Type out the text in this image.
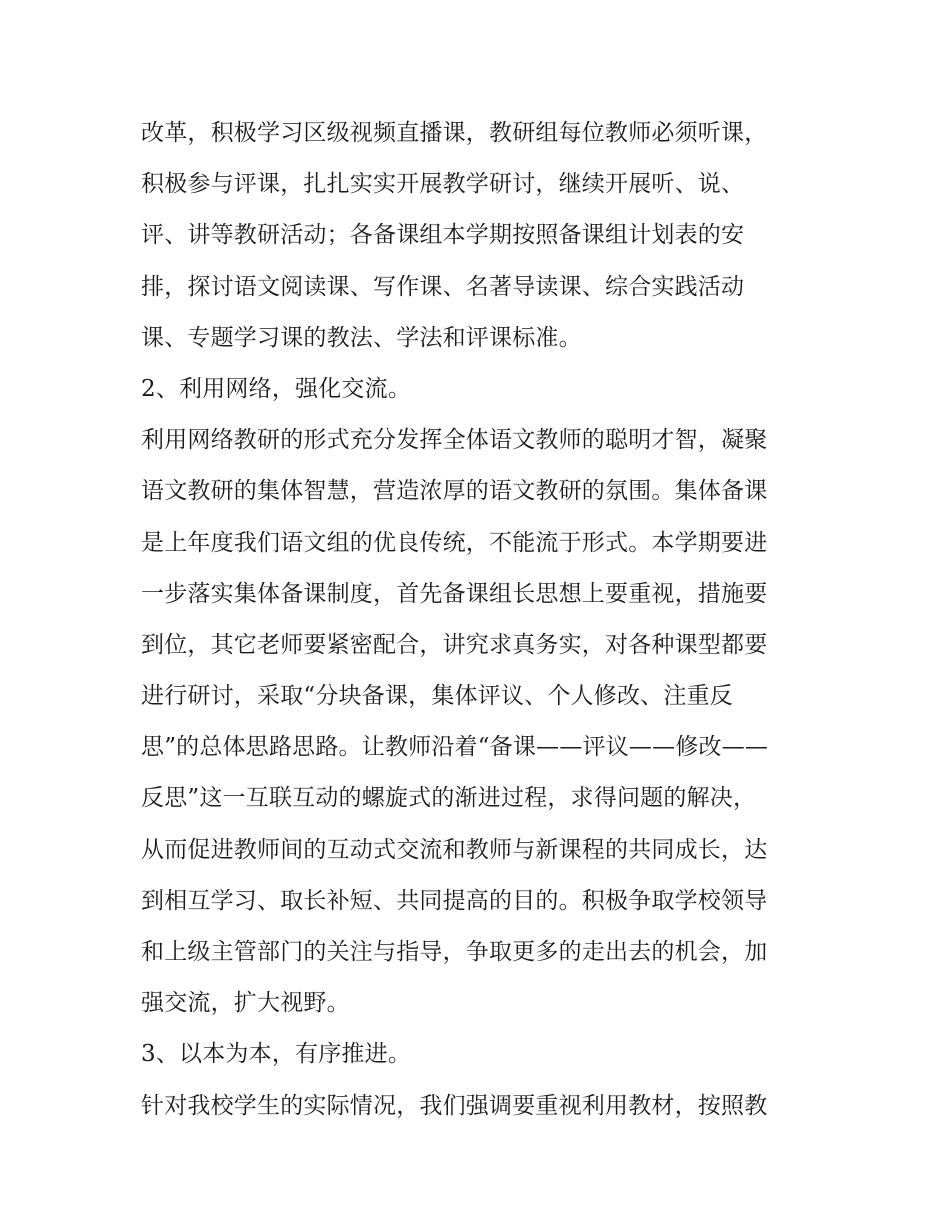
改革，积极学习区级视频直播课，教研组每位教师必须听课，
积极参与评课，扎扎实实开展教学研讨，继续开展听、说、
评、讲等教研活动；各备课组本学期按照备课组计划表的安
排，探讨语文阅读课、写作课、名著导读课、综合实践活动
课、专题学习课的教法、学法和评课标准。
2、利用网络，强化交流。
利用网络教研的形式充分发挥全体语文教师的聪明才智，凝聚
语文教研的集体智慧，营造浓厚的语文教研的氛围。集体备课
是上年度我们语文组的优良传统，不能流于形式。本学期要进
一步落实集体备课制度，首先备课组长思想上要重视，措施要
到位，其它老师要紧密配合，讲究求真务实，对各种课型都要
进行研讨，采取“分块备课，集体评议、个人修改、注重反
思”的总体思路思路。让教师沿着“备课——评议——修改——
反思”这一互联互动的螺旋式的渐进过程，求得问题的解决，
从而促进教师间的互动式交流和教师与新课程的共同成长，达
到相互学习、取长补短、共同提高的目的。积极争取学校领导
和上级主管部门的关注与指导，争取更多的走出去的机会，加
强交流，扩大视野。
3、以本为本，有序推进。
针对我校学生的实际情况，我们强调要重视利用教材，按照教
